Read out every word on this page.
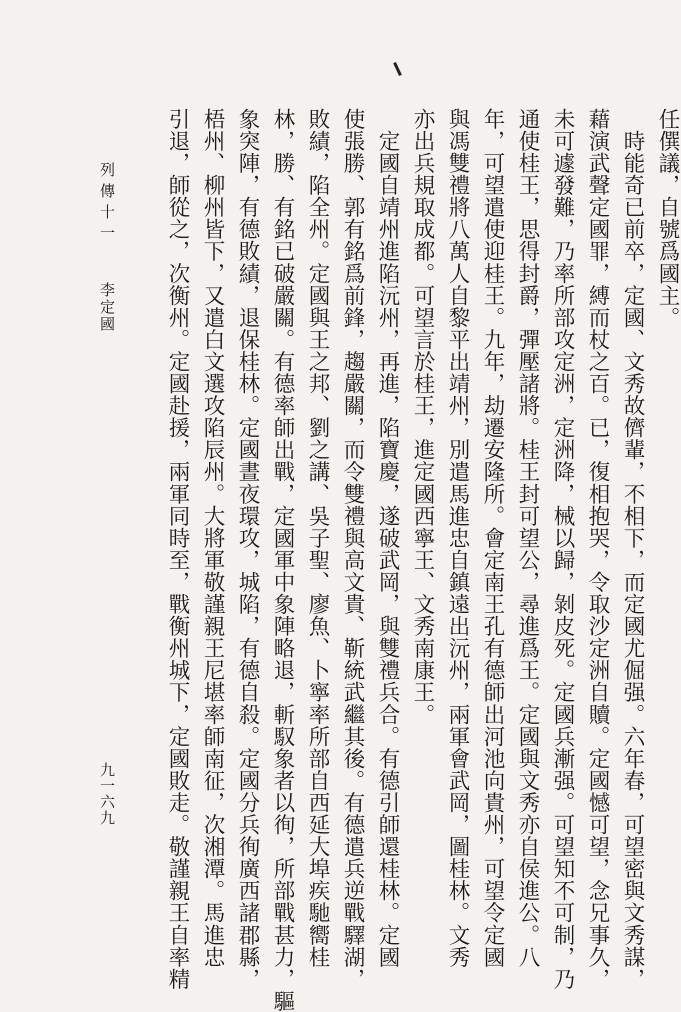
任僎議，自號爲國主。
　時能奇已前卒，定國、文秀故儕輩，不相下，而定國尤倔强。六年春，可望密與文秀謀，
藉演武聲定國罪，縛而杖之百。已，復相抱哭，令取沙定洲自贖。定國憾可望，念兄事久，
未可遽發難，乃率所部攻定洲，定洲降，械以歸，剝皮死。定國兵漸强。可望知不可制，乃
通使桂王，思得封爵，彈壓諸將。桂王封可望公，尋進爲王。定國與文秀亦自侯進公。八
年，可望遣使迎桂王。九年，劫遷安隆所。會定南王孔有德師出河池向貴州，可望令定國
與馮雙禮將八萬人自黎平出靖州，別遣馬進忠自鎮遠出沅州，兩軍會武岡，圖桂林。文秀
亦出兵規取成都。可望言於桂王，進定國西寧王、文秀南康王。
　定國自靖州進陷沅州，再進，陷寶慶，遂破武岡，與雙禮兵合。有德引師還桂林。定國
使張勝、郭有銘爲前鋒，趨嚴關，而令雙禮與高文貴、靳統武繼其後。有德遣兵逆戰驛湖，
敗績，陷全州。定國與王之邦、劉之講、吳子聖、廖魚、卜寧率所部自西延大埠疾馳嚮桂
林，勝、有銘已破嚴關。有德率師出戰，定國軍中象陣略退，斬馭象者以徇，所部戰甚力，驅
象突陣，有德敗績，退保桂林。定國晝夜環攻，城陷，有德自殺。定國分兵徇廣西諸郡縣，
梧州、柳州皆下，又遣白文選攻陷辰州。大將軍敬謹親王尼堪率師南征，次湘潭。馬進忠
引退，師從之，次衡州。定國赴援，兩軍同時至，戰衡州城下，定國敗走。敬謹親王自率精
列傳十一
李定國
九一六九
